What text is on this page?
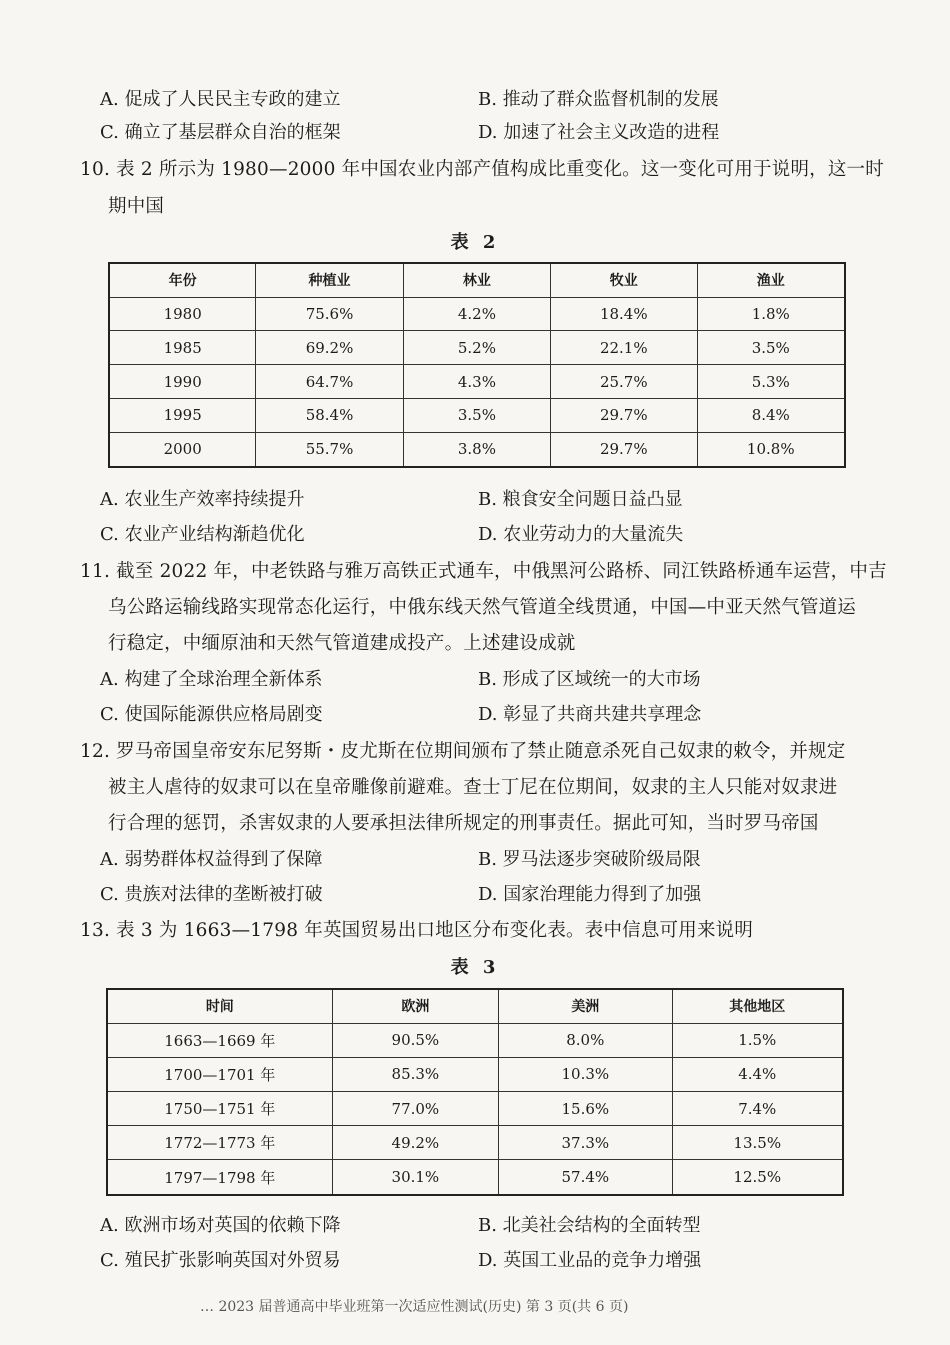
A. 促成了人民民主专政的建立	B. 推动了群众监督机制的发展
C. 确立了基层群众自治的框架	D. 加速了社会主义改造的进程
10. 表 2 所示为 1980—2000 年中国农业内部产值构成比重变化。这一变化可用于说明，这一时
期中国
表 2
年份	种植业	林业	牧业	渔业
1980	75.6%	4.2%	18.4%	1.8%
1985	69.2%	5.2%	22.1%	3.5%
1990	64.7%	4.3%	25.7%	5.3%
1995	58.4%	3.5%	29.7%	8.4%
2000	55.7%	3.8%	29.7%	10.8%
A. 农业生产效率持续提升	B. 粮食安全问题日益凸显
C. 农业产业结构渐趋优化	D. 农业劳动力的大量流失
11. 截至 2022 年，中老铁路与雅万高铁正式通车，中俄黑河公路桥、同江铁路桥通车运营，中吉
乌公路运输线路实现常态化运行，中俄东线天然气管道全线贯通，中国—中亚天然气管道运
行稳定，中缅原油和天然气管道建成投产。上述建设成就
A. 构建了全球治理全新体系	B. 形成了区域统一的大市场
C. 使国际能源供应格局剧变	D. 彰显了共商共建共享理念
12. 罗马帝国皇帝安东尼努斯・皮尤斯在位期间颁布了禁止随意杀死自己奴隶的敕令，并规定
被主人虐待的奴隶可以在皇帝雕像前避难。查士丁尼在位期间，奴隶的主人只能对奴隶进
行合理的惩罚，杀害奴隶的人要承担法律所规定的刑事责任。据此可知，当时罗马帝国
A. 弱势群体权益得到了保障	B. 罗马法逐步突破阶级局限
C. 贵族对法律的垄断被打破	D. 国家治理能力得到了加强
13. 表 3 为 1663—1798 年英国贸易出口地区分布变化表。表中信息可用来说明
表 3
时间	欧洲	美洲	其他地区
1663—1669 年	90.5%	8.0%	1.5%
1700—1701 年	85.3%	10.3%	4.4%
1750—1751 年	77.0%	15.6%	7.4%
1772—1773 年	49.2%	37.3%	13.5%
1797—1798 年	30.1%	57.4%	12.5%
A. 欧洲市场对英国的依赖下降	B. 北美社会结构的全面转型
C. 殖民扩张影响英国对外贸易	D. 英国工业品的竞争力增强
… 2023 届普通高中毕业班第一次适应性测试(历史) 第 3 页(共 6 页)
